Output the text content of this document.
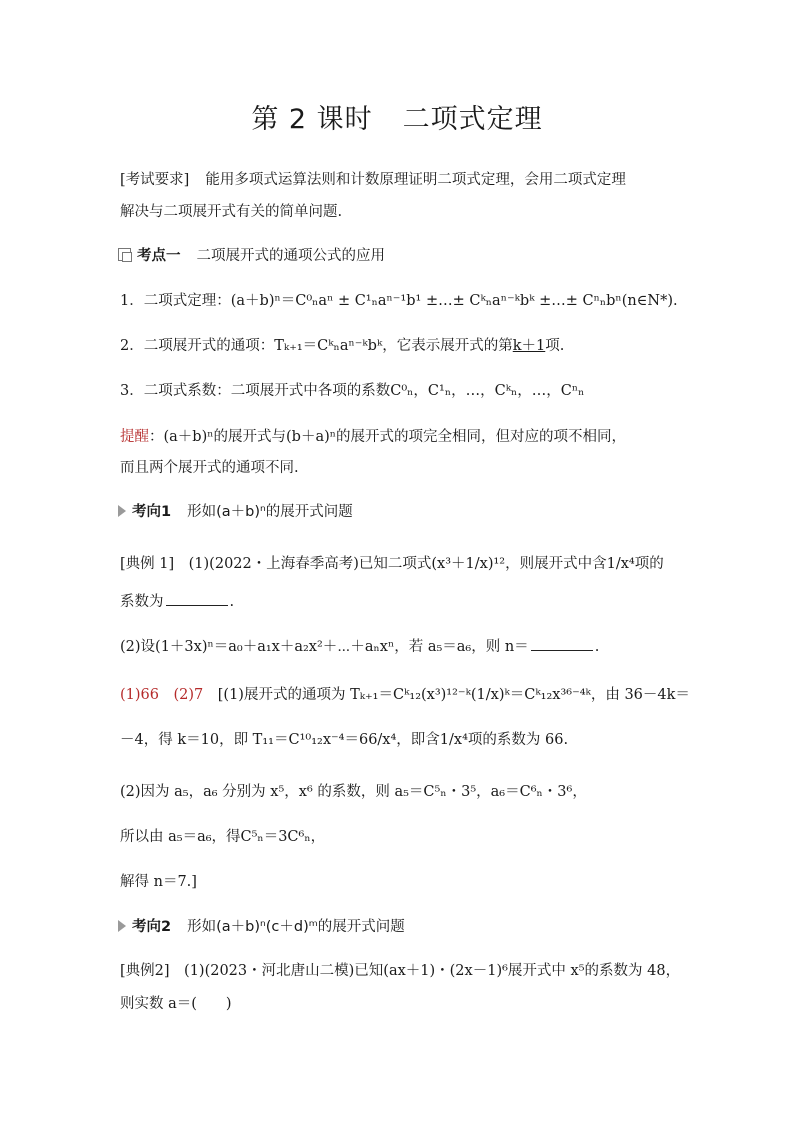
第 2 课时 二项式定理
[考试要求] 能用多项式运算法则和计数原理证明二项式定理，会用二项式定理
解决与二项展开式有关的简单问题.
考点一 二项展开式的通项公式的应用
1．二项式定理：(a＋b)ⁿ＝C⁰ₙaⁿ ± C¹ₙaⁿ⁻¹b¹ ±…± Cᵏₙaⁿ⁻ᵏbᵏ ±…± Cⁿₙbⁿ(n∈N*).
2．二项展开式的通项：Tₖ₊₁＝Cᵏₙaⁿ⁻ᵏbᵏ，它表示展开式的第k＋1项.
3．二项式系数：二项展开式中各项的系数C⁰ₙ，C¹ₙ，…，Cᵏₙ，…，Cⁿₙ
提醒：(a＋b)ⁿ的展开式与(b＋a)ⁿ的展开式的项完全相同，但对应的项不相同，
而且两个展开式的通项不同.
考向1 形如(a＋b)ⁿ的展开式问题
[典例 1]　(1)(2022・上海春季高考)已知二项式(x³＋1/x)¹²，则展开式中含1/x⁴项的
系数为	.
(2)设(1＋3x)ⁿ＝a₀＋a₁x＋a₂x²＋⋯＋aₙxⁿ，若 a₅＝a₆，则 n＝	.
(1)66　(2)7　[(1)展开式的通项为 Tₖ₊₁＝Cᵏ₁₂(x³)¹²⁻ᵏ(1/x)ᵏ＝Cᵏ₁₂x³⁶⁻⁴ᵏ，由 36－4k＝
－4，得 k＝10，即 T₁₁＝C¹⁰₁₂x⁻⁴＝66/x⁴，即含1/x⁴项的系数为 66.
(2)因为 a₅，a₆ 分别为 x⁵，x⁶ 的系数，则 a₅＝C⁵ₙ・3⁵，a₆＝C⁶ₙ・3⁶，
所以由 a₅＝a₆，得C⁵ₙ＝3C⁶ₙ，
解得 n＝7.]
考向2 形如(a＋b)ⁿ(c＋d)ᵐ的展开式问题
[典例2]　(1)(2023・河北唐山二模)已知(ax＋1)・(2x－1)⁶展开式中 x⁵的系数为 48，
则实数 a＝(　　)
